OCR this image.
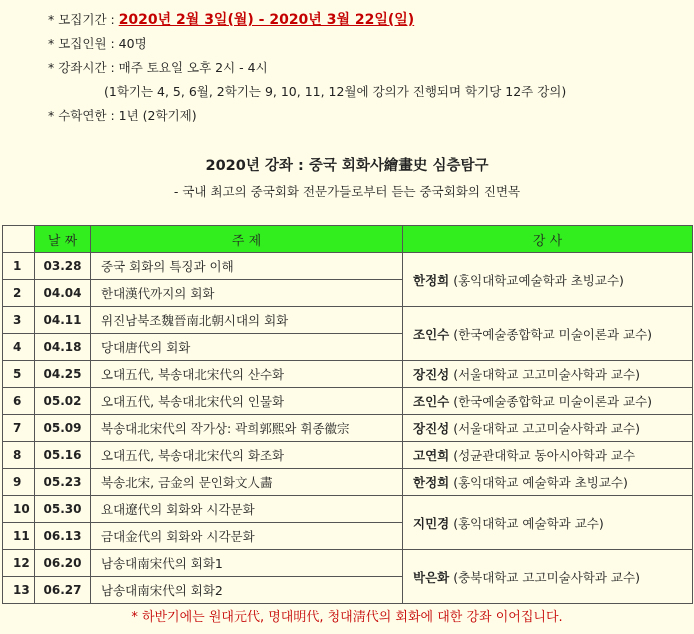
* 모집기간 : 2020년 2월 3일(월) - 2020년 3월 22일(일)
* 모집인원 : 40명
* 강좌시간 : 매주 토요일 오후 2시 - 4시
(1학기는 4, 5, 6월, 2학기는 9, 10, 11, 12월에 강의가 진행되며 학기당 12주 강의)
* 수학연한 : 1년 (2학기제)
2020년 강좌 : 중국 회화사繪畫史 심층탐구
- 국내 최고의 중국회화 전문가들로부터 듣는 중국회화의 진면목
	날 짜	주 제	강 사
1	03.28	중국 회화의 특징과 이해	한정희 (홍익대학교예술학과 초빙교수)
2	04.04	한대漢代까지의 회화	
3	04.11	위진남북조魏晉南北朝시대의 회화	조인수 (한국예술종합학교 미술이론과 교수)
4	04.18	당대唐代의 회화	
5	04.25	오대五代, 북송대北宋代의 산수화	장진성 (서울대학교 고고미술사학과 교수)
6	05.02	오대五代, 북송대北宋代의 인물화	조인수 (한국예술종합학교 미술이론과 교수)
7	05.09	북송대北宋代의 작가상: 곽희郭熙와 휘종徽宗	장진성 (서울대학교 고고미술사학과 교수)
8	05.16	오대五代, 북송대北宋代의 화조화	고연희 (성균관대학교 동아시아학과 교수
9	05.23	북송北宋, 금金의 문인화文人畵	한정희 (홍익대학교 예술학과 초빙교수)
10	05.30	요대遼代의 회화와 시각문화	지민경 (홍익대학교 예술학과 교수)
11	06.13	금대金代의 회화와 시각문화	
12	06.20	남송대南宋代의 회화1	박은화 (충북대학교 고고미술사학과 교수)
13	06.27	남송대南宋代의 회화2	
* 하반기에는 원대元代, 명대明代, 청대淸代의 회화에 대한 강좌 이어집니다.
